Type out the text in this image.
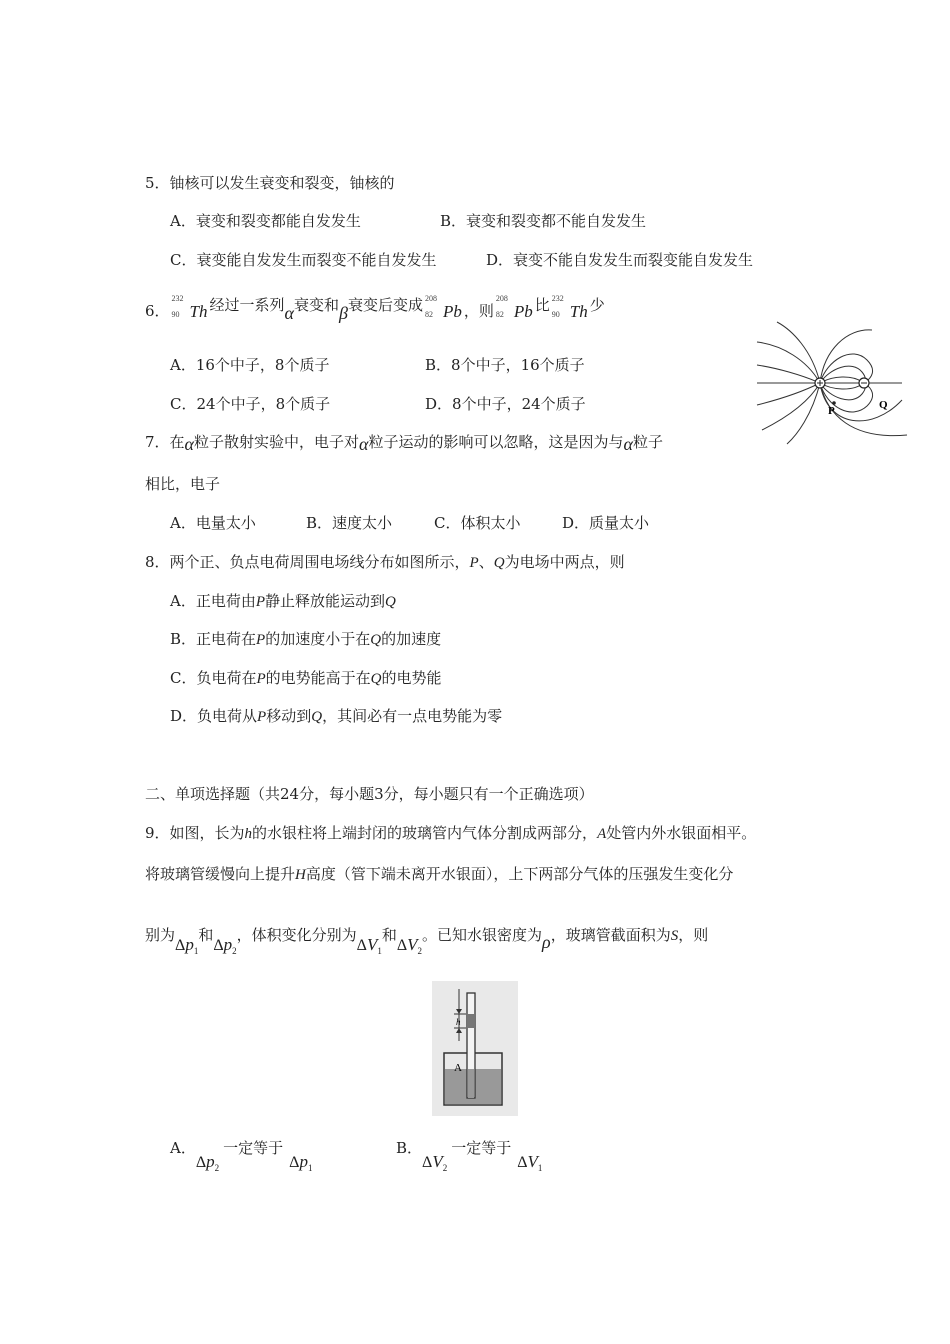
5．铀核可以发生衰变和裂变，铀核的
A．衰变和裂变都能自发发生	B．衰变和裂变都不能自发发生
C．衰变能自发发生而裂变不能自发发生	D．衰变不能自发发生而裂变能自发发生
6．
232
90 Th 经过一系列α衰变和β衰变后变成 208
82 Pb ，则
208
82 Pb 比 232
90 Th 少
A．16个中子，8个质子	B．8个中子，16个质子
C．24个中子，8个质子	D．8个中子，24个质子	P	Q
7．在α粒子散射实验中，电子对α粒子运动的影响可以忽略，这是因为与α粒子
相比，电子
A．电量太小	B．速度太小	C．体积太小	D．质量太小
8．两个正、负点电荷周围电场线分布如图所示，P、Q为电场中两点，则
A．正电荷由P静止释放能运动到Q
B．正电荷在P的加速度小于在Q的加速度
C．负电荷在P的电势能高于在Q的电势能
D．负电荷从P移动到Q，其间必有一点电势能为零
二、单项选择题（共24分，每小题3分，每小题只有一个正确选项）
9．如图，长为h的水银柱将上端封闭的玻璃管内气体分割成两部分，A处管内外水银面相平。
将玻璃管缓慢向上提升H高度（管下端未离开水银面），上下两部分气体的压强发生变化分
别为$\Delta p_1$和$\Delta p_2$，体积变化分别为$\Delta V_1$和$\Delta V_2$。已知水银密度为ρ，玻璃管截面积为S，则
h
A
A．$\Delta p_2$一定等于$\Delta p_1$
B．$\Delta V_2$一定等于$\Delta V_1$
